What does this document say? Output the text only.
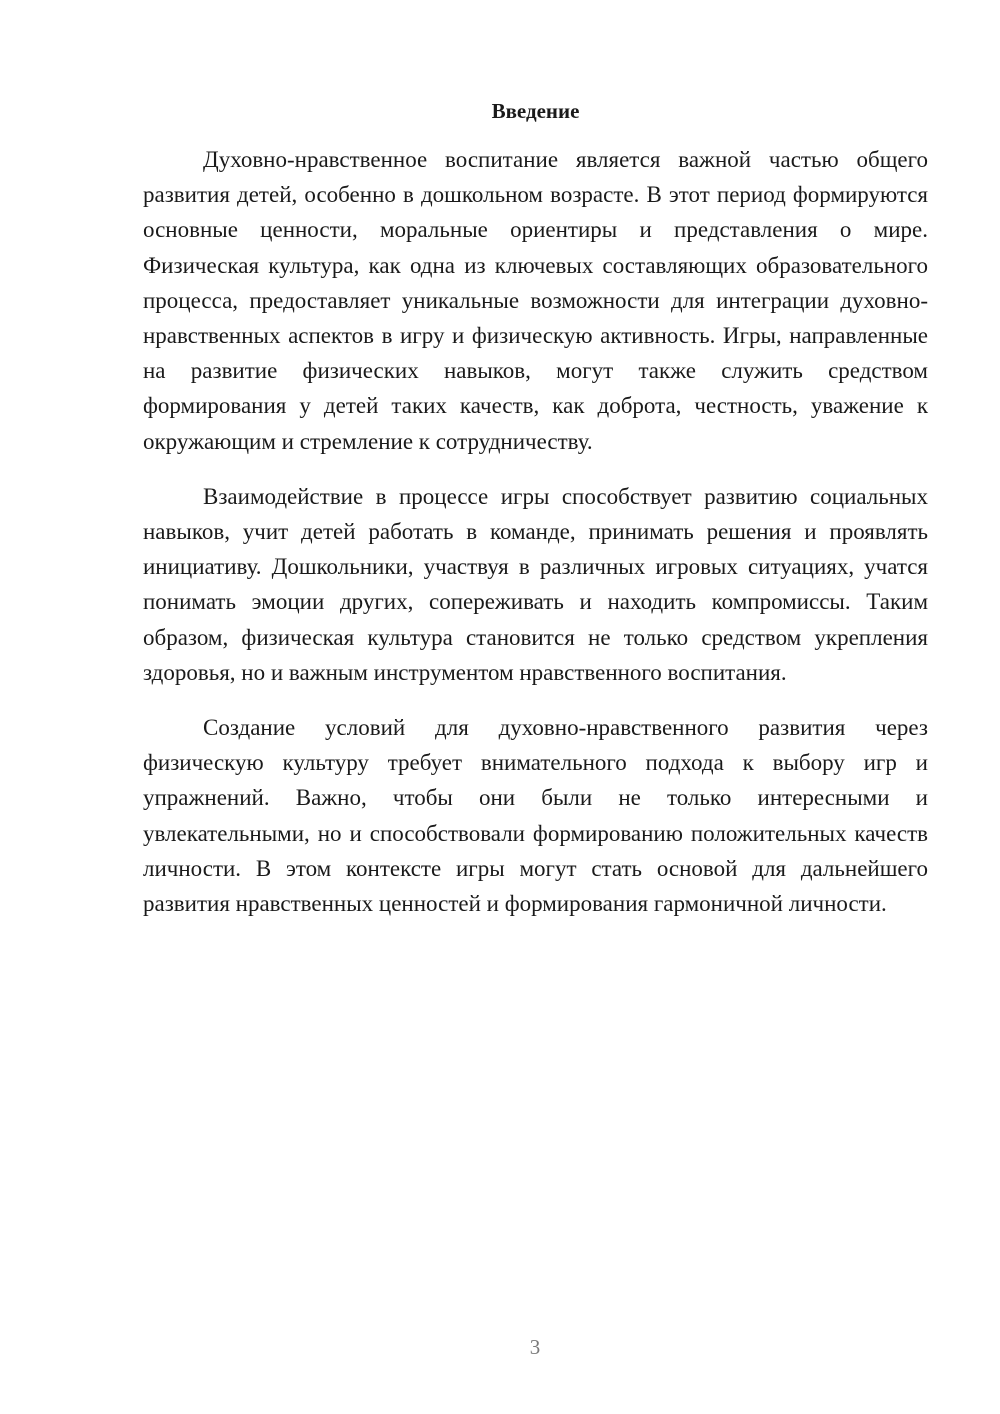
Введение

Духовно-нравственное воспитание является важной частью общего развития детей, особенно в дошкольном возрасте. В этот период формируются основные ценности, моральные ориентиры и представления о мире. Физическая культура, как одна из ключевых составляющих образовательного процесса, предоставляет уникальные возможности для интеграции духовно-нравственных аспектов в игру и физическую активность. Игры, направленные на развитие физических навыков, могут также служить средством формирования у детей таких качеств, как доброта, честность, уважение к окружающим и стремление к сотрудничеству.

Взаимодействие в процессе игры способствует развитию социальных навыков, учит детей работать в команде, принимать решения и проявлять инициативу. Дошкольники, участвуя в различных игровых ситуациях, учатся понимать эмоции других, сопереживать и находить компромиссы. Таким образом, физическая культура становится не только средством укрепления здоровья, но и важным инструментом нравственного воспитания.

Создание условий для духовно-нравственного развития через физическую культуру требует внимательного подхода к выбору игр и упражнений. Важно, чтобы они были не только интересными и увлекательными, но и способствовали формированию положительных качеств личности. В этом контексте игры могут стать основой для дальнейшего развития нравственных ценностей и формирования гармоничной личности.

3
